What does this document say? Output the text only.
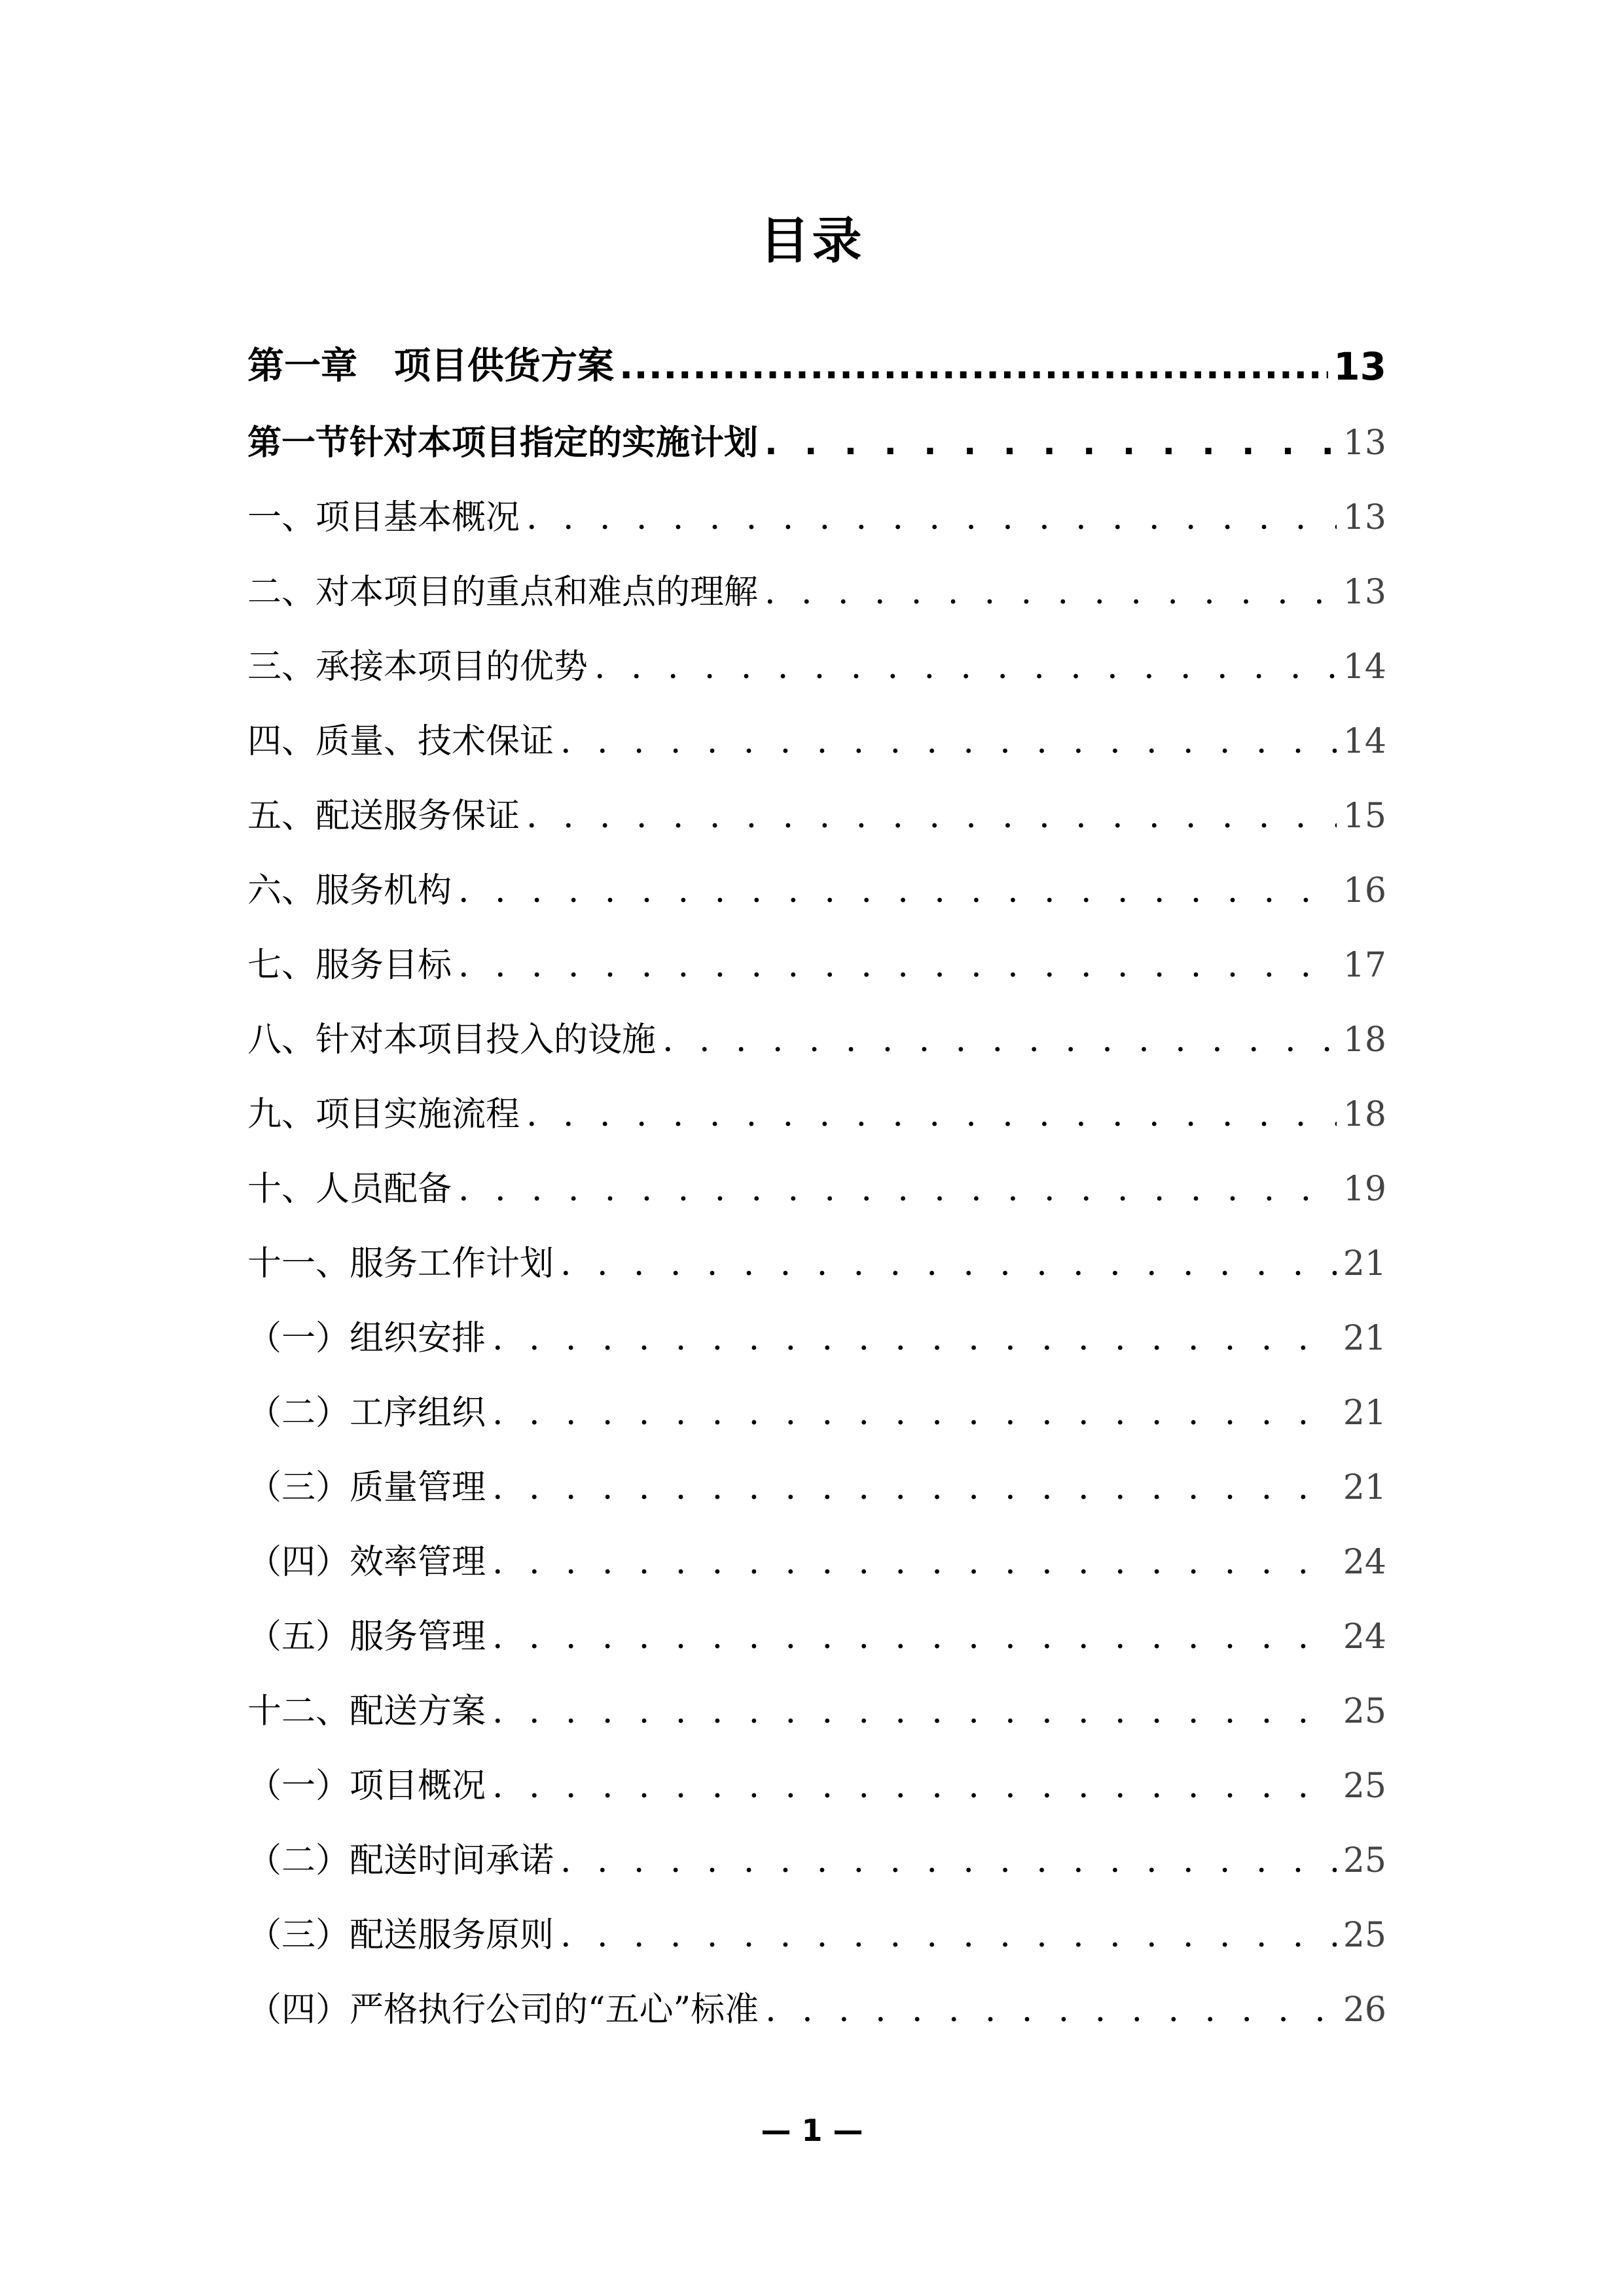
目录
第一章　项目供货方案 .....	13
第一节针对本项目指定的实施计划 . . .	13
一、项目基本概况 . . .	13
二、对本项目的重点和难点的理解 . . .	13
三、承接本项目的优势 . . .	14
四、质量、技术保证 . . .	14
五、配送服务保证 . . .	15
六、服务机构 . . .	16
七、服务目标 . . .	17
八、针对本项目投入的设施 . . .	18
九、项目实施流程 . . .	18
十、人员配备 . . .	19
十一、服务工作计划 . . .	21
（一）组织安排 . . .	21
（二）工序组织 . . .	21
（三）质量管理 . . .	21
（四）效率管理 . . .	24
（五）服务管理 . . .	24
十二、配送方案 . . .	25
（一）项目概况 . . .	25
（二）配送时间承诺 . . .	25
（三）配送服务原则 . . .	25
（四）严格执行公司的“五心”标准 . . .	26
— 1 —
